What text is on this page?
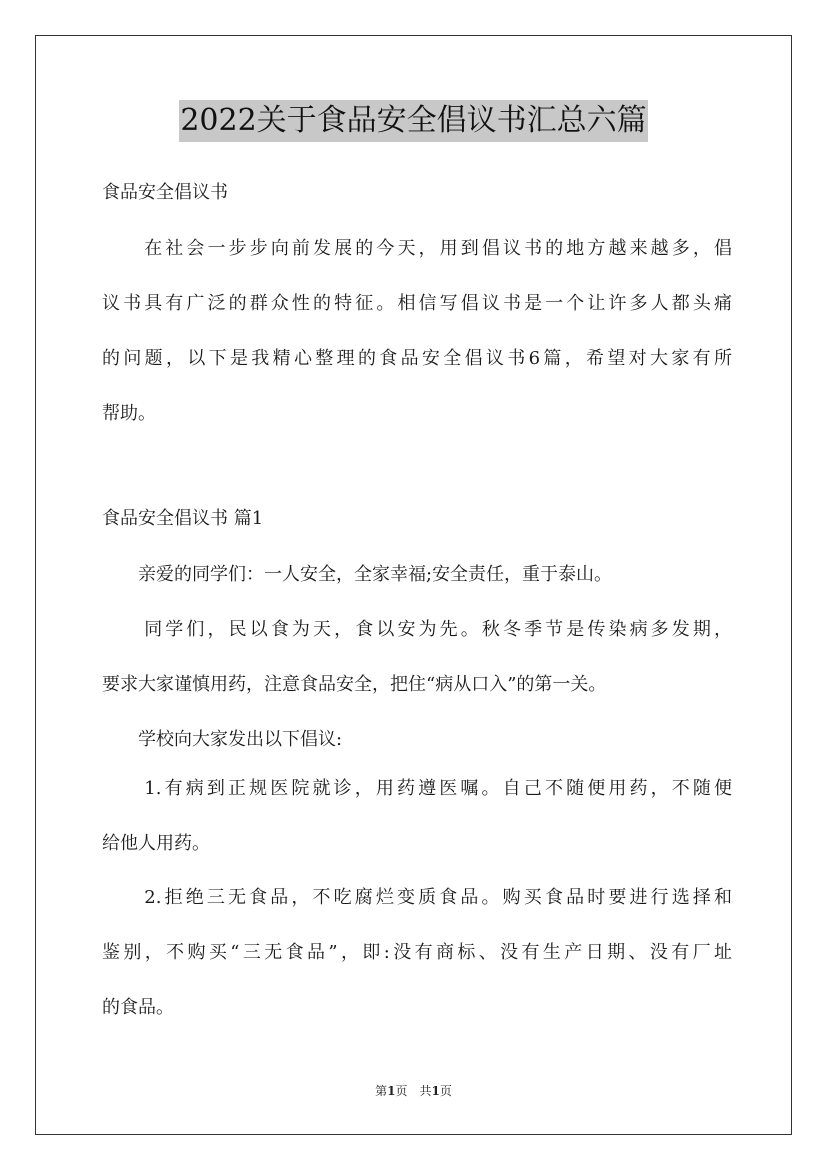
2022关于食品安全倡议书汇总六篇
食品安全倡议书
　　在社会一步步向前发展的今天，用到倡议书的地方越来越多，倡
议书具有广泛的群众性的特征。相信写倡议书是一个让许多人都头痛
的问题，以下是我精心整理的食品安全倡议书6篇，希望对大家有所
帮助。
食品安全倡议书 篇1
　　亲爱的同学们：一人安全，全家幸福;安全责任，重于泰山。
　　同学们，民以食为天，食以安为先。秋冬季节是传染病多发期，
要求大家谨慎用药，注意食品安全，把住“病从口入”的第一关。
　　学校向大家发出以下倡议:
　　1.有病到正规医院就诊，用药遵医嘱。自己不随便用药，不随便
给他人用药。
　　2.拒绝三无食品，不吃腐烂变质食品。购买食品时要进行选择和
鉴别，不购买“三无食品”，即:没有商标、没有生产日期、没有厂址
的食品。
第1页　共1页
